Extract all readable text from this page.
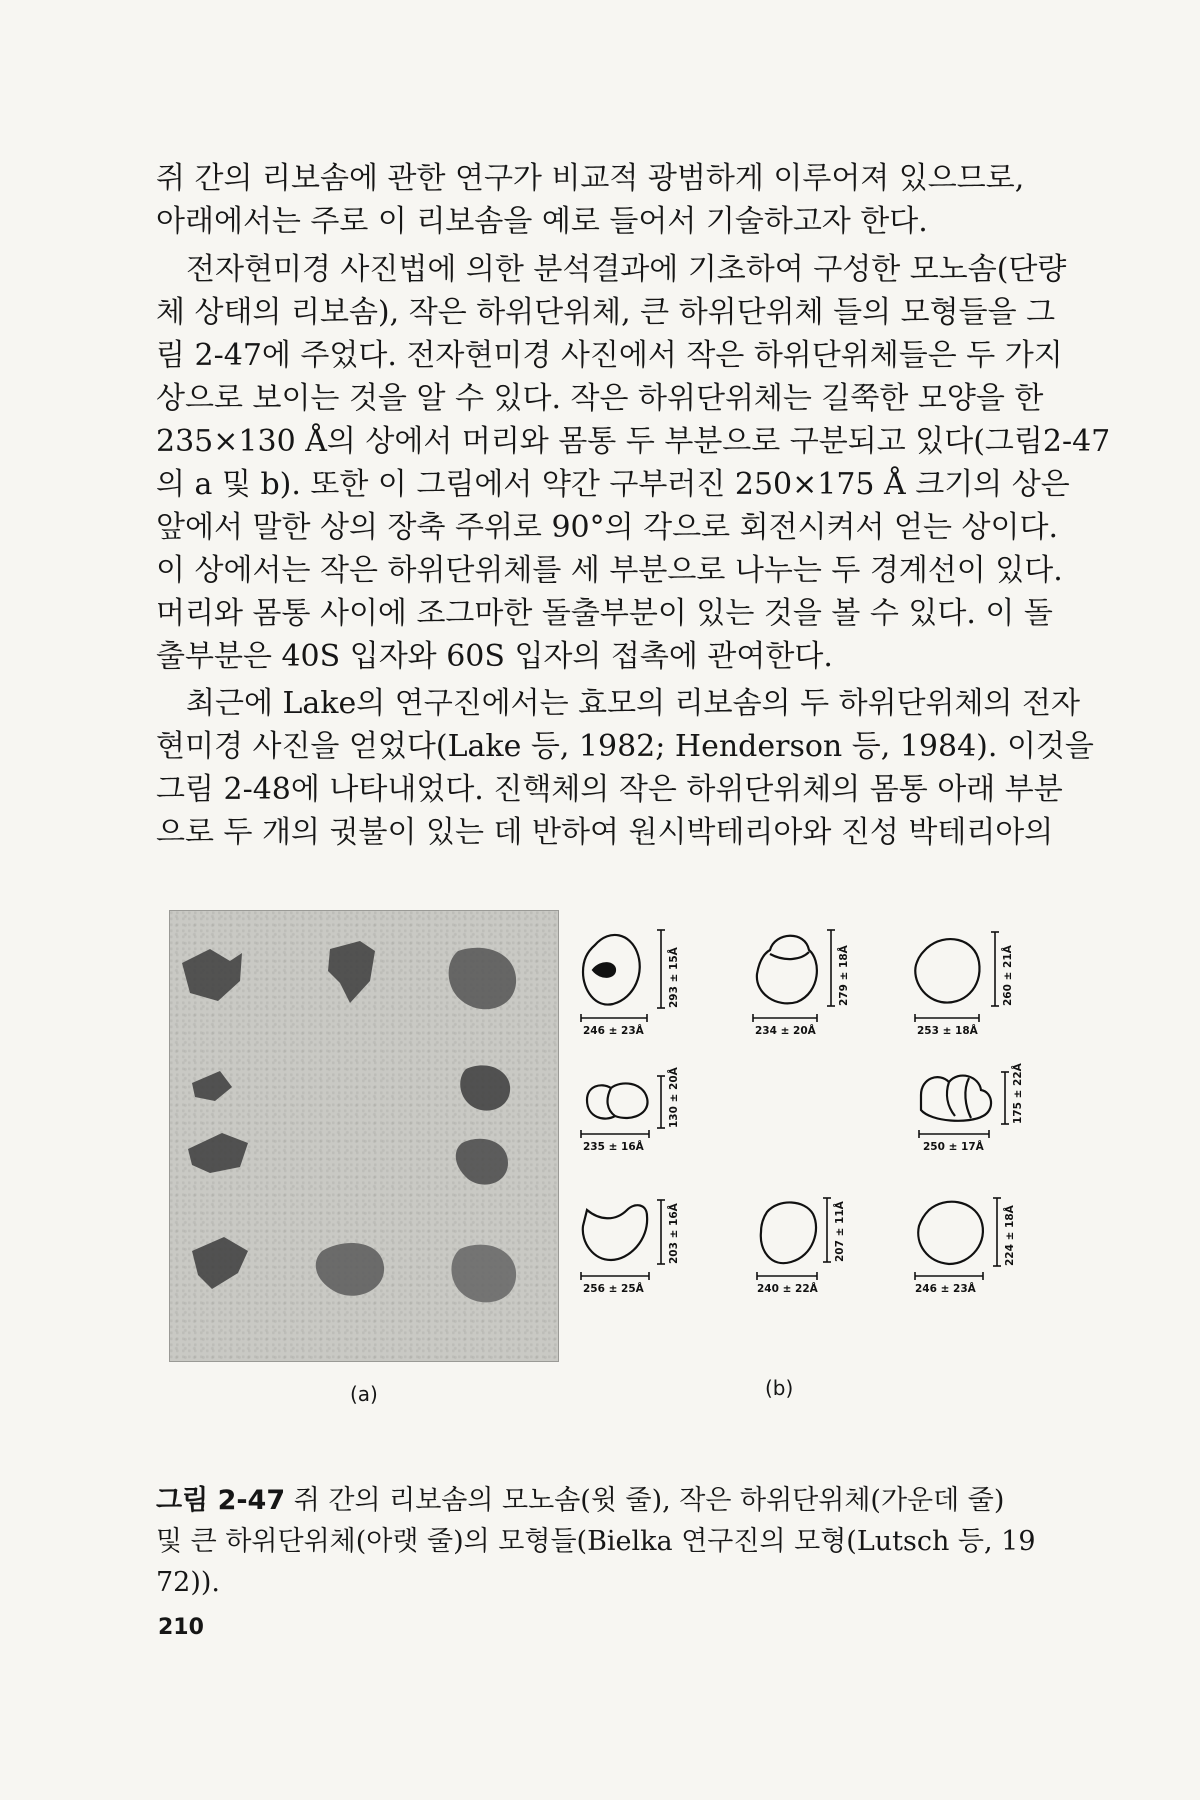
쥐 간의 리보솜에 관한 연구가 비교적 광범하게 이루어져 있으므로,
아래에서는 주로 이 리보솜을 예로 들어서 기술하고자 한다.

전자현미경 사진법에 의한 분석결과에 기초하여 구성한 모노솜(단량
체 상태의 리보솜), 작은 하위단위체, 큰 하위단위체 들의 모형들을 그
림 2-47에 주었다. 전자현미경 사진에서 작은 하위단위체들은 두 가지
상으로 보이는 것을 알 수 있다. 작은 하위단위체는 길쭉한 모양을 한
235×130 Å의 상에서 머리와 몸통 두 부분으로 구분되고 있다(그림2-47
의 a 및 b). 또한 이 그림에서 약간 구부러진 250×175 Å 크기의 상은
앞에서 말한 상의 장축 주위로 90°의 각으로 회전시켜서 얻는 상이다.
이 상에서는 작은 하위단위체를 세 부분으로 나누는 두 경계선이 있다.
머리와 몸통 사이에 조그마한 돌출부분이 있는 것을 볼 수 있다. 이 돌
출부분은 40S 입자와 60S 입자의 접촉에 관여한다.

최근에 Lake의 연구진에서는 효모의 리보솜의 두 하위단위체의 전자
현미경 사진을 얻었다(Lake 등, 1982; Henderson 등, 1984). 이것을
그림 2-48에 나타내었다. 진핵체의 작은 하위단위체의 몸통 아래 부분
으로 두 개의 귓불이 있는 데 반하여 원시박테리아와 진성 박테리아의

293 ± 15Å
246 ± 23Å
279 ± 18Å
234 ± 20Å
260 ± 21Å
253 ± 18Å
130 ± 20Å
235 ± 16Å
175 ± 22Å
250 ± 17Å
203 ± 16Å
256 ± 25Å
207 ± 11Å
240 ± 22Å
224 ± 18Å
246 ± 23Å
(a)	(b)

그림 2-47 쥐 간의 리보솜의 모노솜(윗 줄), 작은 하위단위체(가운데 줄)
및 큰 하위단위체(아랫 줄)의 모형들(Bielka 연구진의 모형(Lutsch 등, 19
72)).

210
